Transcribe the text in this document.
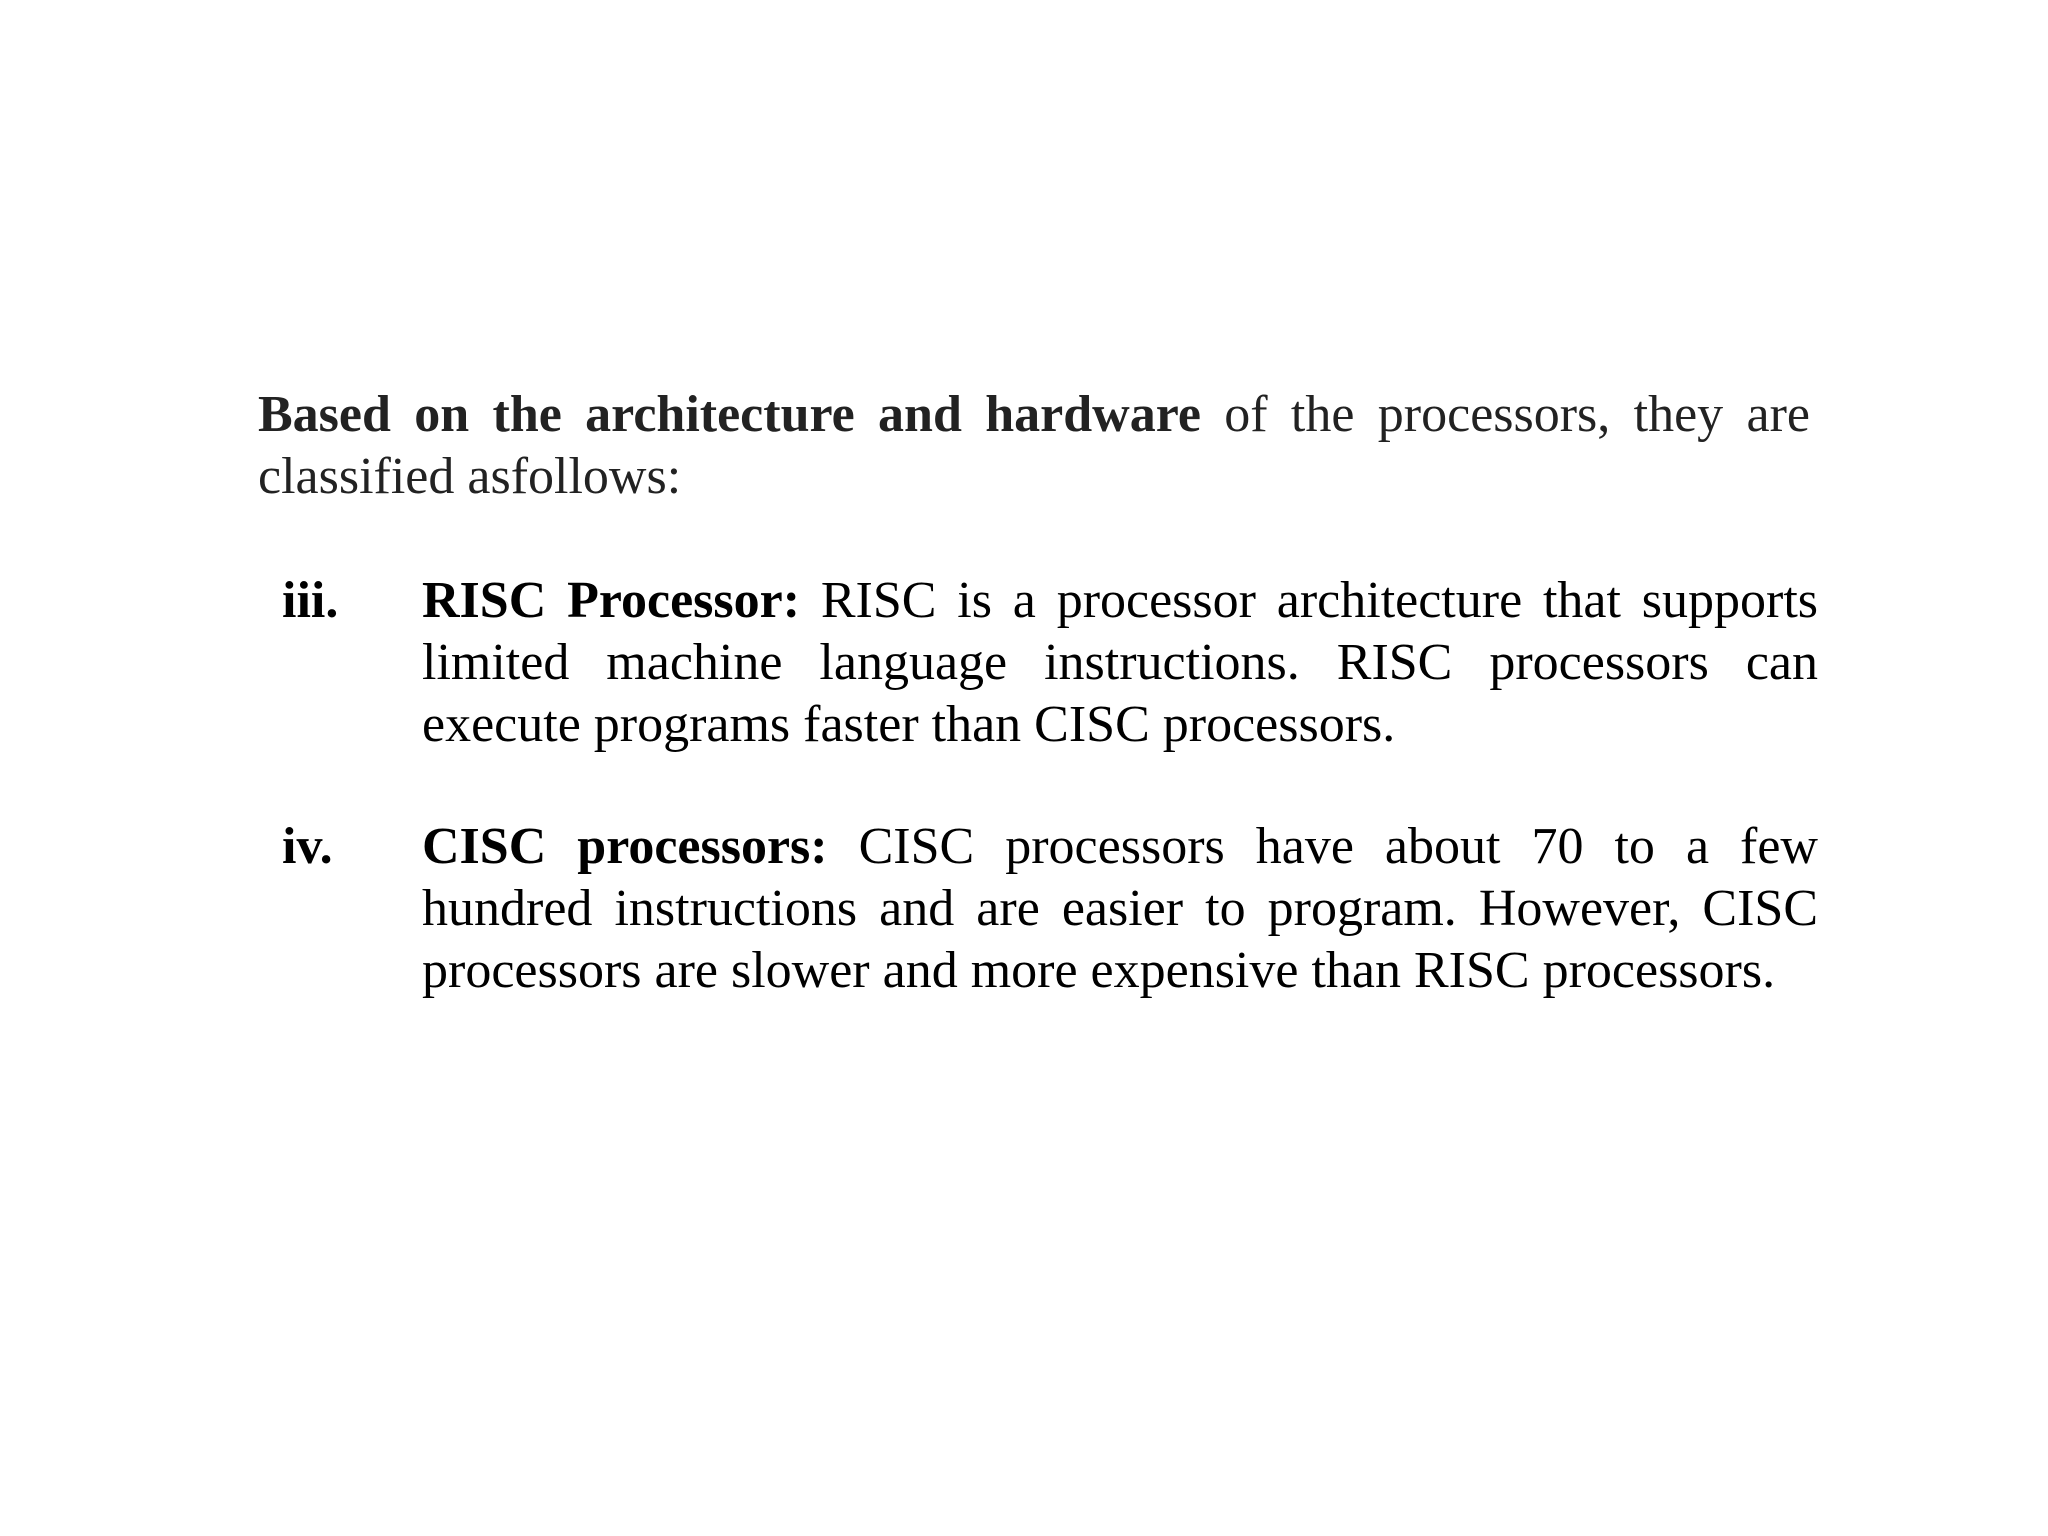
Based on the architecture and hardware of the processors, they are classified asfollows:

iii. RISC Processor: RISC is a processor architecture that supports limited machine language instructions. RISC processors can execute programs faster than CISC processors.

iv. CISC processors: CISC processors have about 70 to a few hundred instructions and are easier to program. However, CISC processors are slower and more expensive than RISC processors.
